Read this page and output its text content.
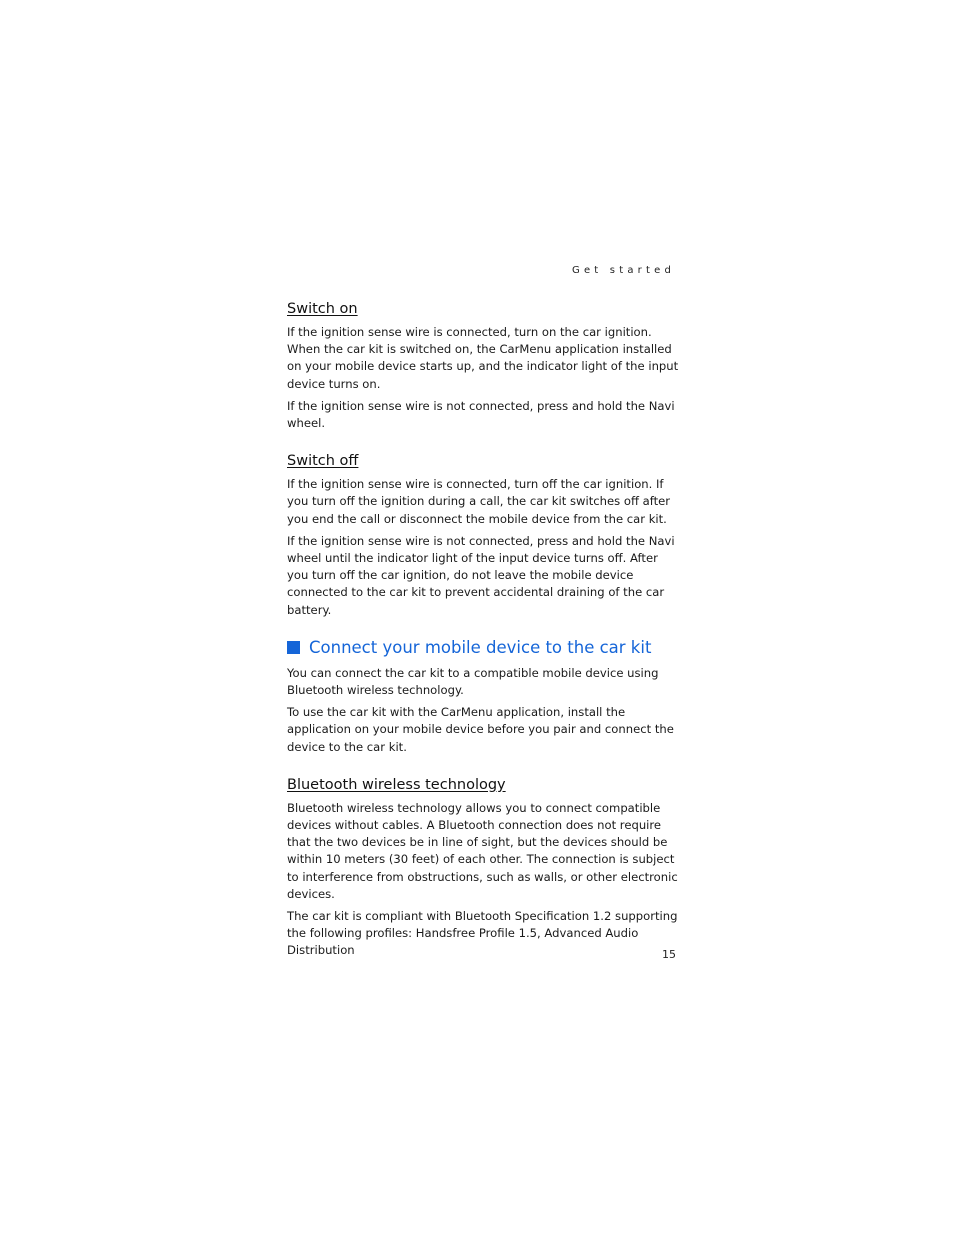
Get started
Switch on

If the ignition sense wire is connected, turn on the car ignition. When the car kit is switched on, the CarMenu application installed on your mobile device starts up, and the indicator light of the input device turns on.

If the ignition sense wire is not connected, press and hold the Navi wheel.

Switch off

If the ignition sense wire is connected, turn off the car ignition. If you turn off the ignition during a call, the car kit switches off after you end the call or disconnect the mobile device from the car kit.

If the ignition sense wire is not connected, press and hold the Navi wheel until the indicator light of the input device turns off. After you turn off the car ignition, do not leave the mobile device connected to the car kit to prevent accidental draining of the car battery.

Connect your mobile device to the car kit

You can connect the car kit to a compatible mobile device using Bluetooth wireless technology.

To use the car kit with the CarMenu application, install the application on your mobile device before you pair and connect the device to the car kit.

Bluetooth wireless technology

Bluetooth wireless technology allows you to connect compatible devices without cables. A Bluetooth connection does not require that the two devices be in line of sight, but the devices should be within 10 meters (30 feet) of each other. The connection is subject to interference from obstructions, such as walls, or other electronic devices.

The car kit is compliant with Bluetooth Specification 1.2 supporting the following profiles: Handsfree Profile 1.5, Advanced Audio Distribution	15
